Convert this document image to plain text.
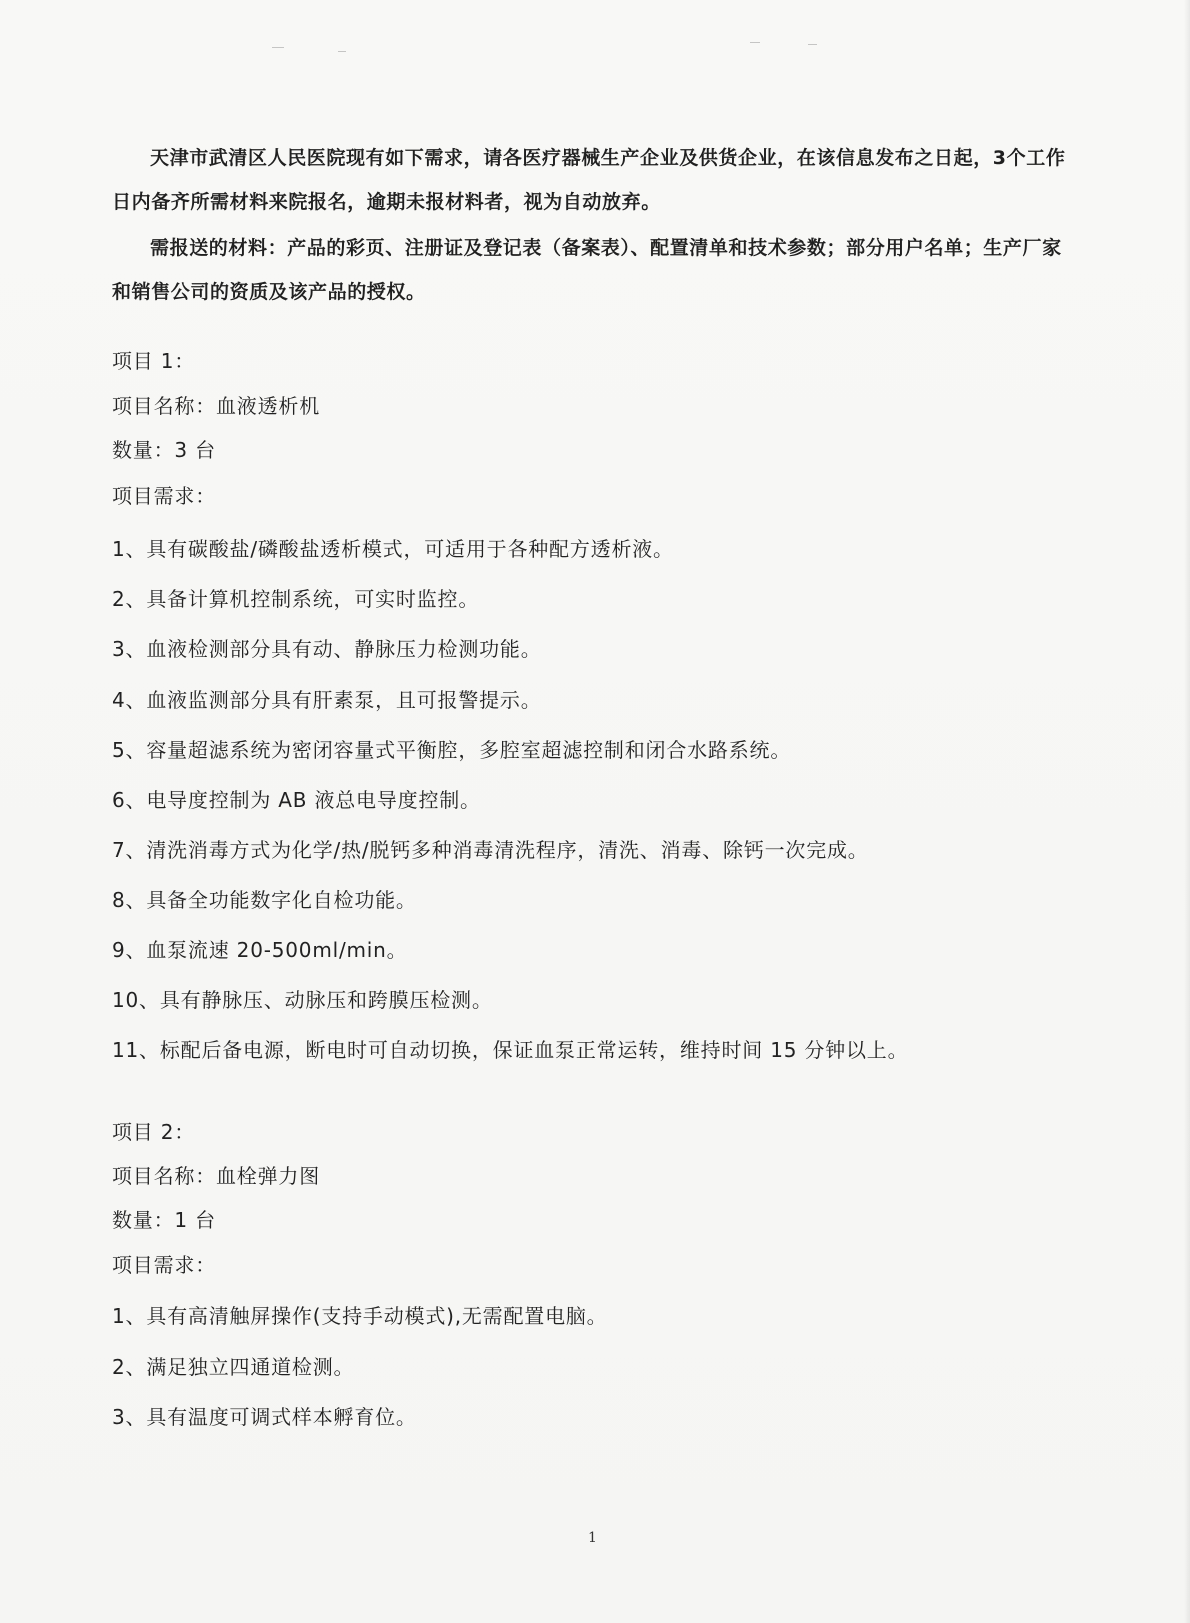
天津市武清区人民医院现有如下需求，请各医疗器械生产企业及供货企业，在该信息发布之日起，3个工作日内备齐所需材料来院报名，逾期未报材料者，视为自动放弃。

需报送的材料：产品的彩页、注册证及登记表（备案表）、配置清单和技术参数；部分用户名单；生产厂家和销售公司的资质及该产品的授权。

项目 1：

项目名称：血液透析机

数量：3 台

项目需求：

1、具有碳酸盐/磷酸盐透析模式，可适用于各种配方透析液。

2、具备计算机控制系统，可实时监控。

3、血液检测部分具有动、静脉压力检测功能。

4、血液监测部分具有肝素泵，且可报警提示。

5、容量超滤系统为密闭容量式平衡腔，多腔室超滤控制和闭合水路系统。

6、电导度控制为 AB 液总电导度控制。

7、清洗消毒方式为化学/热/脱钙多种消毒清洗程序，清洗、消毒、除钙一次完成。

8、具备全功能数字化自检功能。

9、血泵流速 20-500ml/min。

10、具有静脉压、动脉压和跨膜压检测。

11、标配后备电源，断电时可自动切换，保证血泵正常运转，维持时间 15 分钟以上。

项目 2：

项目名称：血栓弹力图

数量：1 台

项目需求：

1、具有高清触屏操作(支持手动模式),无需配置电脑。

2、满足独立四通道检测。

3、具有温度可调式样本孵育位。

1
